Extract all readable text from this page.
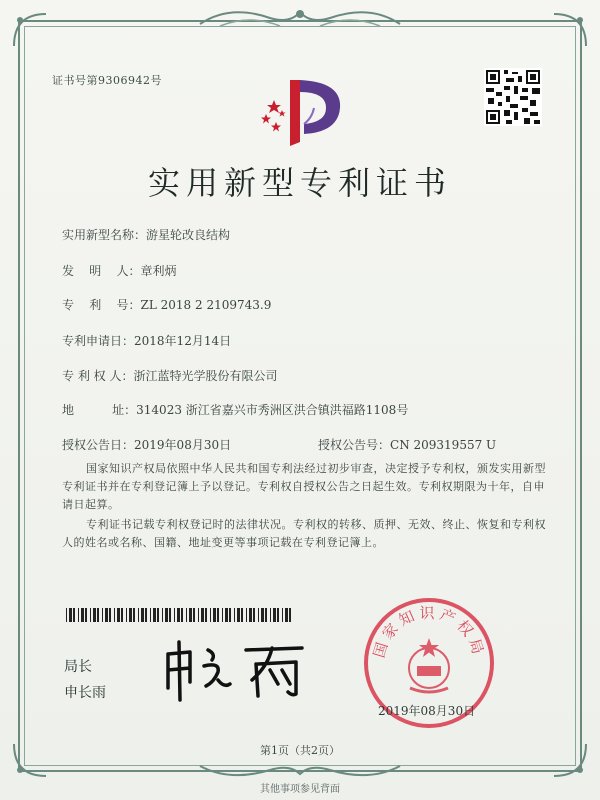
证书号第9306942号
实用新型专利证书
实用新型名称：游星轮改良结构
发    明    人：章利炳
专    利    号：ZL 2018 2 2109743.9
专利申请日：2018年12月14日
专 利 权 人：浙江蓝特光学股份有限公司
地          址：314023 浙江省嘉兴市秀洲区洪合镇洪福路1108号
授权公告日：2019年08月30日	授权公告号：CN 209319557 U
国家知识产权局依照中华人民共和国专利法经过初步审查，决定授予专利权，颁发实用新型专利证书并在专利登记簿上予以登记。专利权自授权公告之日起生效。专利权期限为十年，自申请日起算。
专利证书记载专利权登记时的法律状况。专利权的转移、质押、无效、终止、恢复和专利权人的姓名或名称、国籍、地址变更等事项记载在专利登记簿上。
局长
申长雨
国家知识产权局
2019年08月30日
第1页（共2页）
其他事项参见背面
